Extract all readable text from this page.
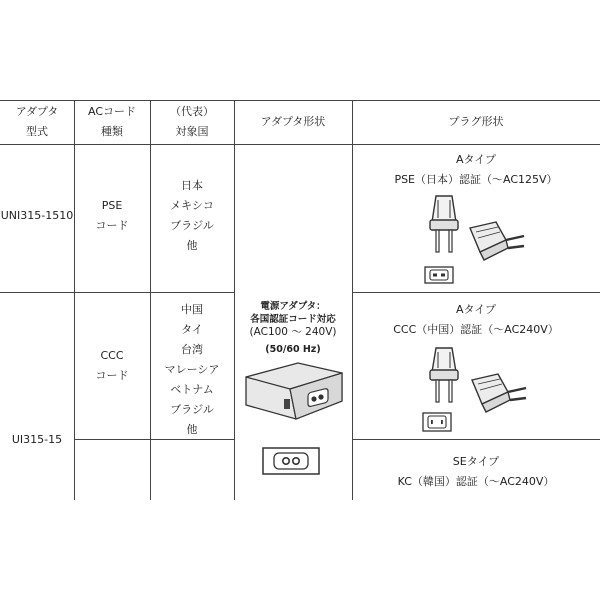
アダプタ
型式
ACコード
種類
（代表）
対象国
アダプタ形状	プラグ形状
UNI315-1510
PSE
コード
日本
メキシコ
ブラジル
他
Aタイプ
PSE（日本）認証（～AC125V）
CCC
コード
中国
タイ
台湾
マレーシア
ベトナム
ブラジル
他
Aタイプ
CCC（中国）認証（～AC240V）
UI315-15
SEタイプ
KC（韓国）認証（～AC240V）
電源アダプタ：
各国認証コード対応
(AC100 ～ 240V)
(50/60 Hz)
